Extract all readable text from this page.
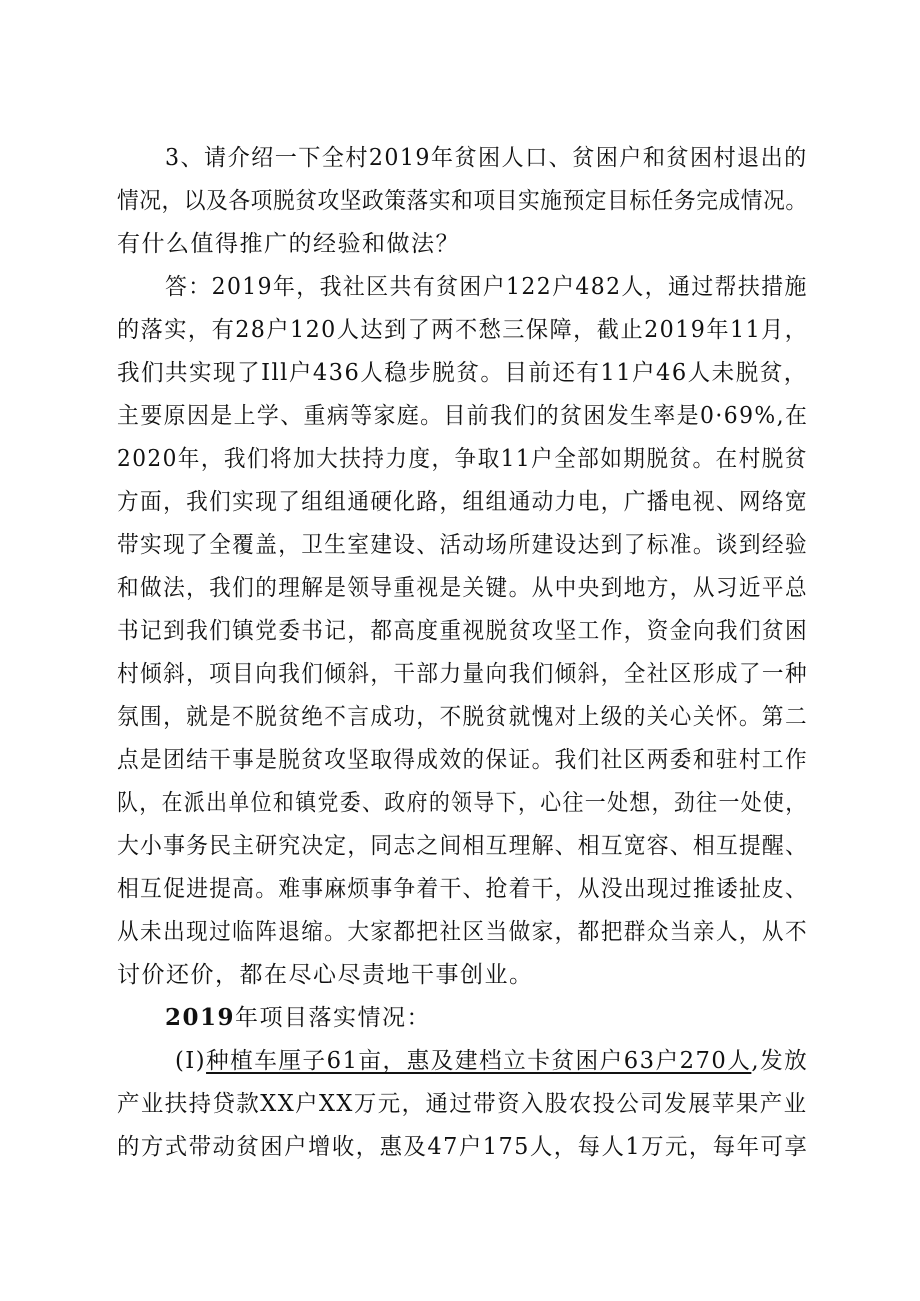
3、请介绍一下全村2019年贫困人口、贫困户和贫困村退出的
情况，以及各项脱贫攻坚政策落实和项目实施预定目标任务完成情况。
有什么值得推广的经验和做法？
答：2019年，我社区共有贫困户122户482人，通过帮扶措施
的落实，有28户120人达到了两不愁三保障，截止2019年11月，
我们共实现了Ill户436人稳步脱贫。目前还有11户46人未脱贫，
主要原因是上学、重病等家庭。目前我们的贫困发生率是0·69%,在
2020年，我们将加大扶持力度，争取11户全部如期脱贫。在村脱贫
方面，我们实现了组组通硬化路，组组通动力电，广播电视、网络宽
带实现了全覆盖，卫生室建设、活动场所建设达到了标准。谈到经验
和做法，我们的理解是领导重视是关键。从中央到地方，从习近平总
书记到我们镇党委书记，都高度重视脱贫攻坚工作，资金向我们贫困
村倾斜，项目向我们倾斜，干部力量向我们倾斜，全社区形成了一种
氛围，就是不脱贫绝不言成功，不脱贫就愧对上级的关心关怀。第二
点是团结干事是脱贫攻坚取得成效的保证。我们社区两委和驻村工作
队，在派出单位和镇党委、政府的领导下，心往一处想，劲往一处使，
大小事务民主研究决定，同志之间相互理解、相互宽容、相互提醒、
相互促进提高。难事麻烦事争着干、抢着干，从没出现过推诿扯皮、
从未出现过临阵退缩。大家都把社区当做家，都把群众当亲人，从不
讨价还价，都在尽心尽责地干事创业。
2019年项目落实情况：
(I)种植车厘子61亩，惠及建档立卡贫困户63户270人,发放
产业扶持贷款XX户XX万元，通过带资入股农投公司发展苹果产业
的方式带动贫困户增收，惠及47户175人，每人1万元，每年可享
